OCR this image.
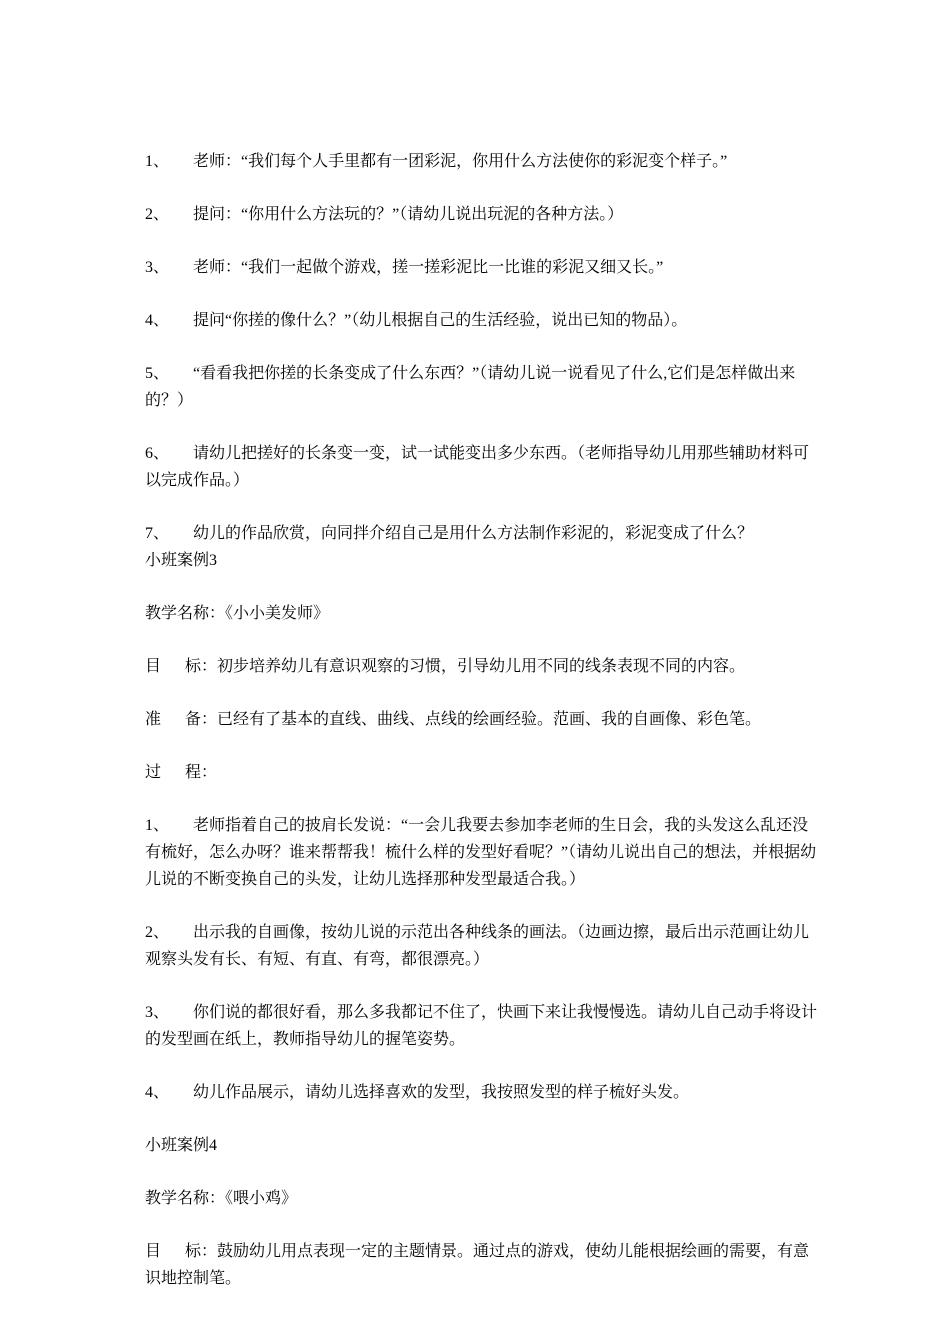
1、      老师：“我们每个人手里都有一团彩泥，你用什么方法使你的彩泥变个样子。”
2、      提问：“你用什么方法玩的？”（请幼儿说出玩泥的各种方法。）
3、      老师：“我们一起做个游戏，搓一搓彩泥比一比谁的彩泥又细又长。”
4、      提问“你搓的像什么？”（幼儿根据自己的生活经验，说出已知的物品）。
5、      “看看我把你搓的长条变成了什么东西？”（请幼儿说一说看见了什么,它们是怎样做出来的？）
6、      请幼儿把搓好的长条变一变，试一试能变出多少东西。（老师指导幼儿用那些辅助材料可以完成作品。）
7、      幼儿的作品欣赏，向同拌介绍自己是用什么方法制作彩泥的，彩泥变成了什么？
小班案例3
教学名称：《小小美发师》
目      标：初步培养幼儿有意识观察的习惯，引导幼儿用不同的线条表现不同的内容。
准      备：已经有了基本的直线、曲线、点线的绘画经验。范画、我的自画像、彩色笔。
过      程：
1、      老师指着自己的披肩长发说：“一会儿我要去参加李老师的生日会，我的头发这么乱还没有梳好，怎么办呀？谁来帮帮我！梳什么样的发型好看呢？”（请幼儿说出自己的想法，并根据幼儿说的不断变换自己的头发，让幼儿选择那种发型最适合我。）
2、      出示我的自画像，按幼儿说的示范出各种线条的画法。（边画边擦，最后出示范画让幼儿观察头发有长、有短、有直、有弯，都很漂亮。）
3、      你们说的都很好看，那么多我都记不住了，快画下来让我慢慢选。请幼儿自己动手将设计的发型画在纸上，教师指导幼儿的握笔姿势。
4、      幼儿作品展示，请幼儿选择喜欢的发型，我按照发型的样子梳好头发。
小班案例4
教学名称：《喂小鸡》
目      标：鼓励幼儿用点表现一定的主题情景。通过点的游戏，使幼儿能根据绘画的需要，有意识地控制笔。
